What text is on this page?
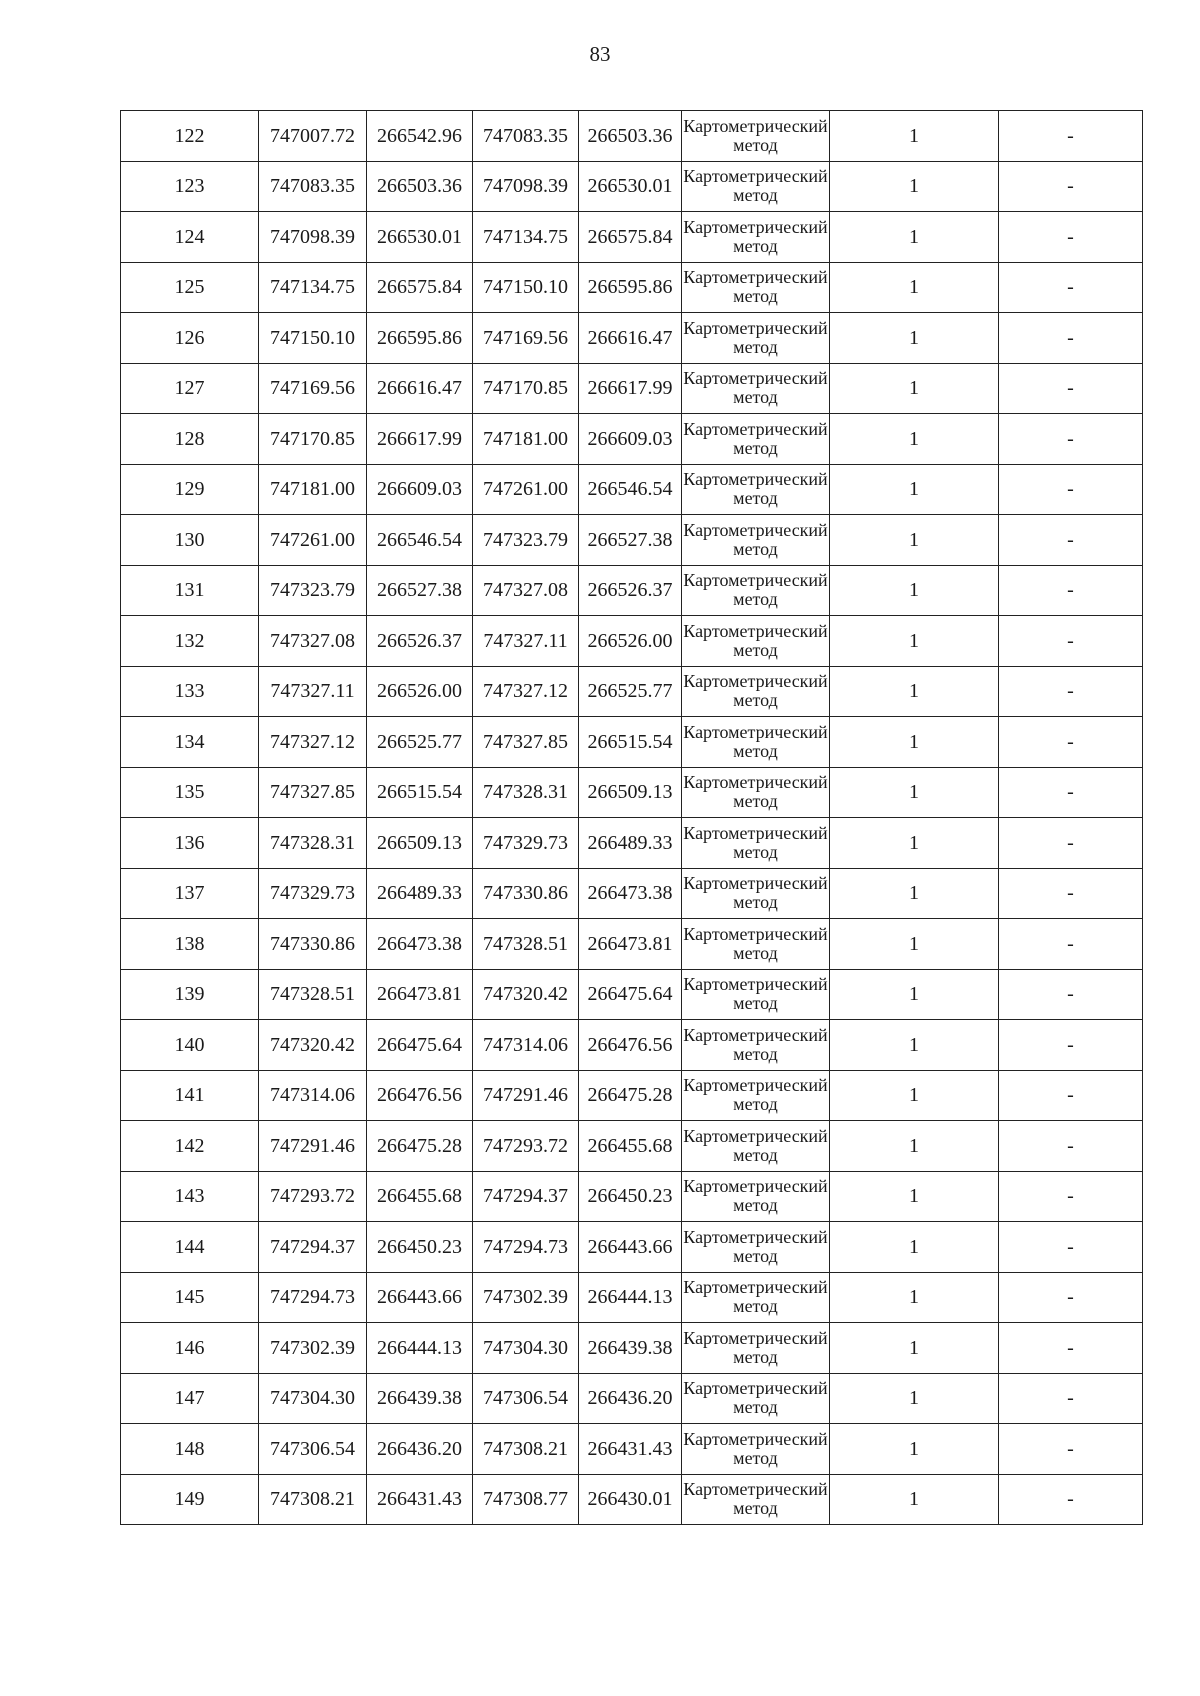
83
122	747007.72	266542.96	747083.35	266503.36	Картометрический метод	1	-
123	747083.35	266503.36	747098.39	266530.01	Картометрический метод	1	-
124	747098.39	266530.01	747134.75	266575.84	Картометрический метод	1	-
125	747134.75	266575.84	747150.10	266595.86	Картометрический метод	1	-
126	747150.10	266595.86	747169.56	266616.47	Картометрический метод	1	-
127	747169.56	266616.47	747170.85	266617.99	Картометрический метод	1	-
128	747170.85	266617.99	747181.00	266609.03	Картометрический метод	1	-
129	747181.00	266609.03	747261.00	266546.54	Картометрический метод	1	-
130	747261.00	266546.54	747323.79	266527.38	Картометрический метод	1	-
131	747323.79	266527.38	747327.08	266526.37	Картометрический метод	1	-
132	747327.08	266526.37	747327.11	266526.00	Картометрический метод	1	-
133	747327.11	266526.00	747327.12	266525.77	Картометрический метод	1	-
134	747327.12	266525.77	747327.85	266515.54	Картометрический метод	1	-
135	747327.85	266515.54	747328.31	266509.13	Картометрический метод	1	-
136	747328.31	266509.13	747329.73	266489.33	Картометрический метод	1	-
137	747329.73	266489.33	747330.86	266473.38	Картометрический метод	1	-
138	747330.86	266473.38	747328.51	266473.81	Картометрический метод	1	-
139	747328.51	266473.81	747320.42	266475.64	Картометрический метод	1	-
140	747320.42	266475.64	747314.06	266476.56	Картометрический метод	1	-
141	747314.06	266476.56	747291.46	266475.28	Картометрический метод	1	-
142	747291.46	266475.28	747293.72	266455.68	Картометрический метод	1	-
143	747293.72	266455.68	747294.37	266450.23	Картометрический метод	1	-
144	747294.37	266450.23	747294.73	266443.66	Картометрический метод	1	-
145	747294.73	266443.66	747302.39	266444.13	Картометрический метод	1	-
146	747302.39	266444.13	747304.30	266439.38	Картометрический метод	1	-
147	747304.30	266439.38	747306.54	266436.20	Картометрический метод	1	-
148	747306.54	266436.20	747308.21	266431.43	Картометрический метод	1	-
149	747308.21	266431.43	747308.77	266430.01	Картометрический метод	1	-
